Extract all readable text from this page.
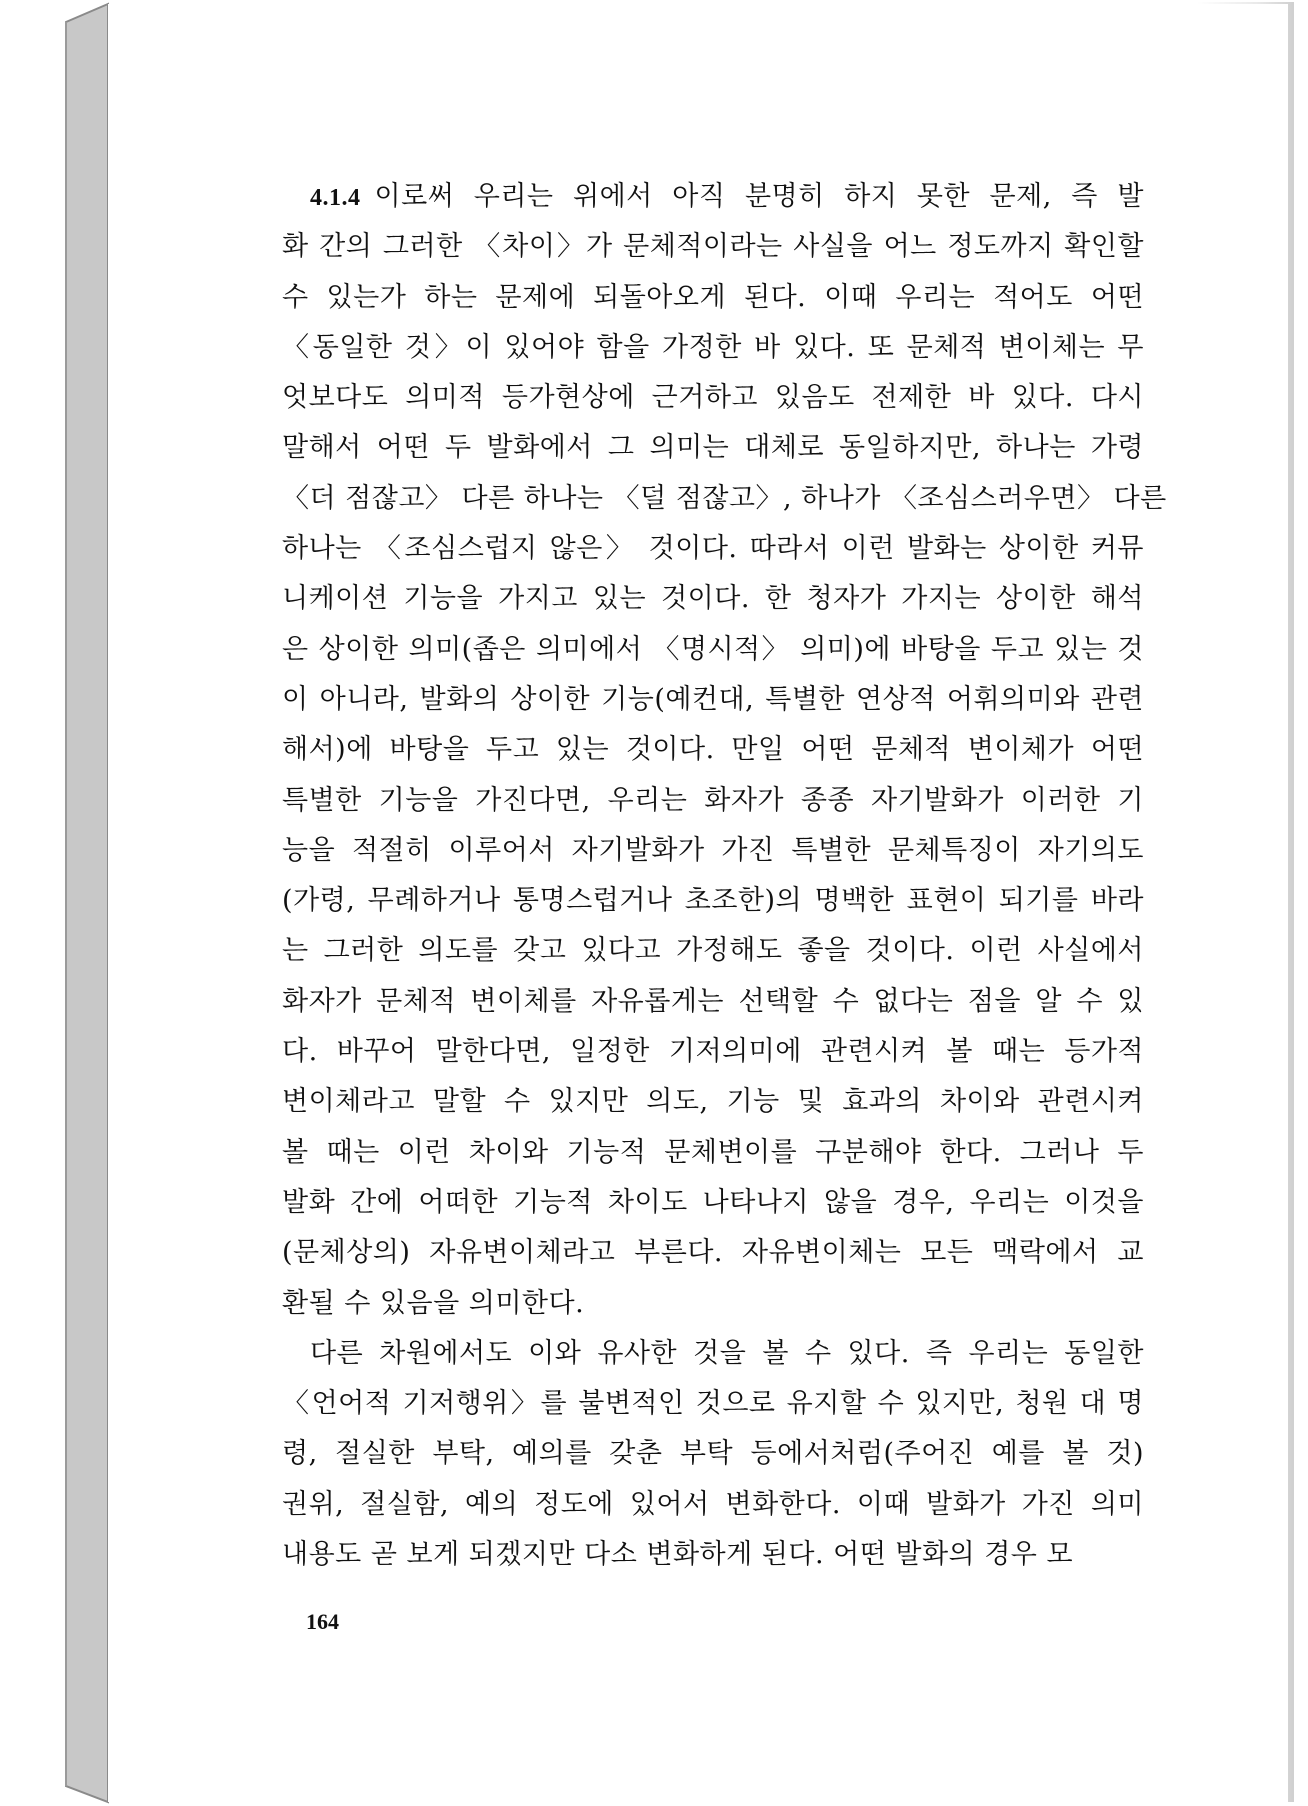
4.1.4 이로써 우리는 위에서 아직 분명히 하지 못한 문제, 즉 발
화 간의 그러한 〈차이〉가 문체적이라는 사실을 어느 정도까지 확인할
수 있는가 하는 문제에 되돌아오게 된다. 이때 우리는 적어도 어떤
〈동일한 것〉이 있어야 함을 가정한 바 있다. 또 문체적 변이체는 무
엇보다도 의미적 등가현상에 근거하고 있음도 전제한 바 있다. 다시
말해서 어떤 두 발화에서 그 의미는 대체로 동일하지만, 하나는 가령
〈더 점잖고〉 다른 하나는 〈덜 점잖고〉, 하나가 〈조심스러우면〉 다른
하나는 〈조심스럽지 않은〉 것이다. 따라서 이런 발화는 상이한 커뮤
니케이션 기능을 가지고 있는 것이다. 한 청자가 가지는 상이한 해석
은 상이한 의미(좁은 의미에서 〈명시적〉 의미)에 바탕을 두고 있는 것
이 아니라, 발화의 상이한 기능(예컨대, 특별한 연상적 어휘의미와 관련
해서)에 바탕을 두고 있는 것이다. 만일 어떤 문체적 변이체가 어떤
특별한 기능을 가진다면, 우리는 화자가 종종 자기발화가 이러한 기
능을 적절히 이루어서 자기발화가 가진 특별한 문체특징이 자기의도
(가령, 무례하거나 통명스럽거나 초조한)의 명백한 표현이 되기를 바라
는 그러한 의도를 갖고 있다고 가정해도 좋을 것이다. 이런 사실에서
화자가 문체적 변이체를 자유롭게는 선택할 수 없다는 점을 알 수 있
다. 바꾸어 말한다면, 일정한 기저의미에 관련시켜 볼 때는 등가적
변이체라고 말할 수 있지만 의도, 기능 및 효과의 차이와 관련시켜
볼 때는 이런 차이와 기능적 문체변이를 구분해야 한다. 그러나 두
발화 간에 어떠한 기능적 차이도 나타나지 않을 경우, 우리는 이것을
(문체상의) 자유변이체라고 부른다. 자유변이체는 모든 맥락에서 교
환될 수 있음을 의미한다.
다른 차원에서도 이와 유사한 것을 볼 수 있다. 즉 우리는 동일한
〈언어적 기저행위〉를 불변적인 것으로 유지할 수 있지만, 청원 대 명
령, 절실한 부탁, 예의를 갖춘 부탁 등에서처럼(주어진 예를 볼 것)
권위, 절실함, 예의 정도에 있어서 변화한다. 이때 발화가 가진 의미
내용도 곧 보게 되겠지만 다소 변화하게 된다. 어떤 발화의 경우 모
164
